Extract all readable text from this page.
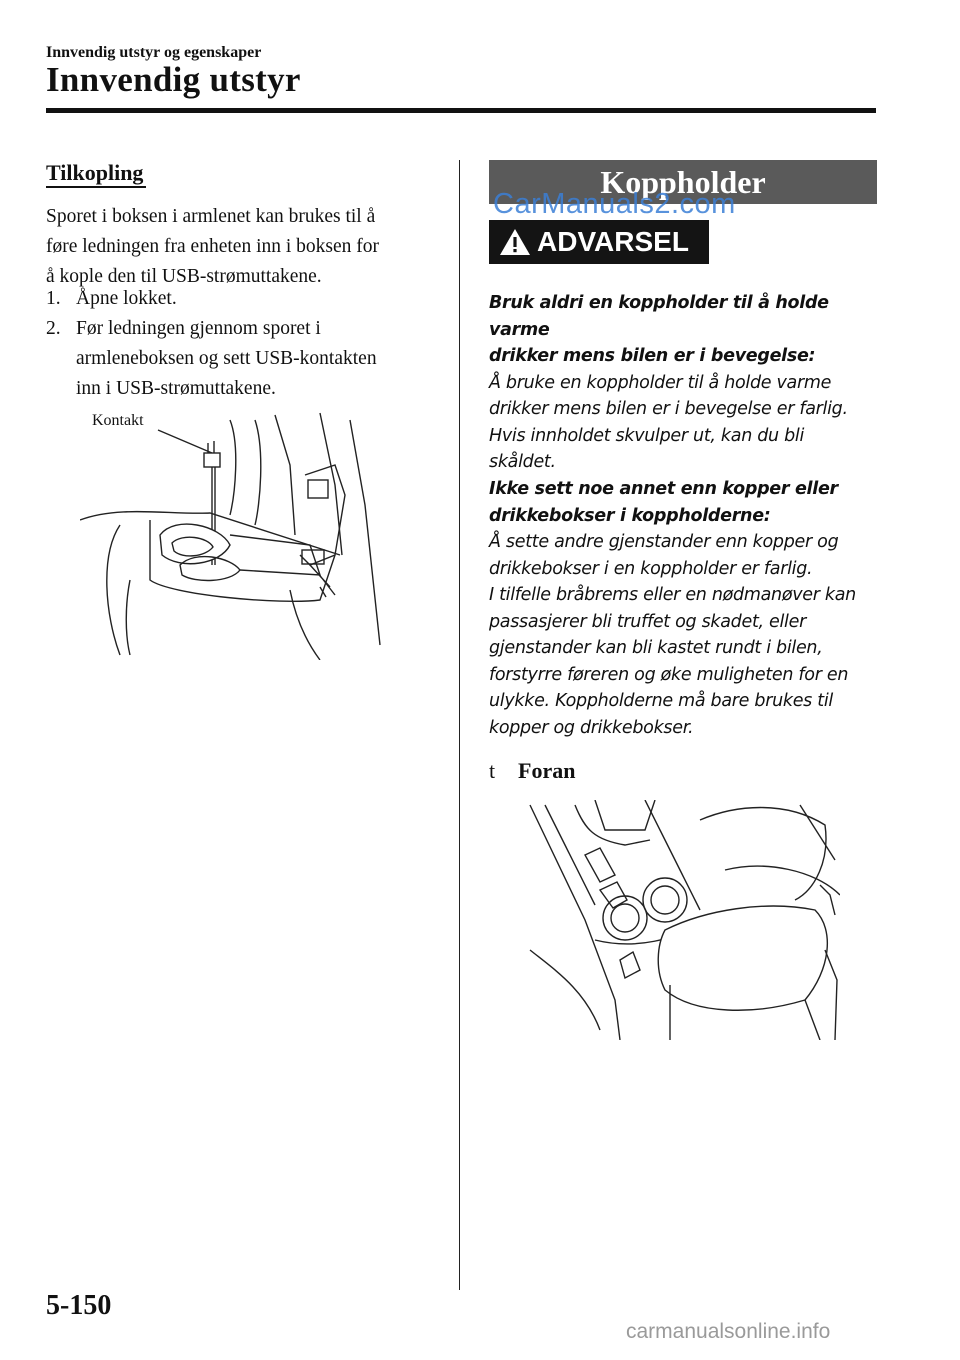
Innvendig utstyr og egenskaper
Innvendig utstyr
Tilkopling
Sporet i boksen i armlenet kan brukes til å
føre ledningen fra enheten inn i boksen for
å kople den til USB-strømuttakene.
1. Åpne lokket.
2. Før ledningen gjennom sporet i
armleneboksen og sett USB-kontakten
inn i USB-strømuttakene.
Kontakt
Koppholder
CarManuals2.com
ADVARSEL
Bruk aldri en koppholder til å holde varme
drikker mens bilen er i bevegelse:
Å bruke en koppholder til å holde varme
drikker mens bilen er i bevegelse er farlig.
Hvis innholdet skvulper ut, kan du bli
skåldet.
Ikke sett noe annet enn kopper eller
drikkebokser i koppholderne:
Å sette andre gjenstander enn kopper og
drikkebokser i en koppholder er farlig.
I tilfelle bråbrems eller en nødmanøver kan
passasjerer bli truffet og skadet, eller
gjenstander kan bli kastet rundt i bilen,
forstyrre føreren og øke muligheten for en
ulykke. Koppholderne må bare brukes til
kopper og drikkebokser.
t Foran
5-150
carmanualsonline.info
